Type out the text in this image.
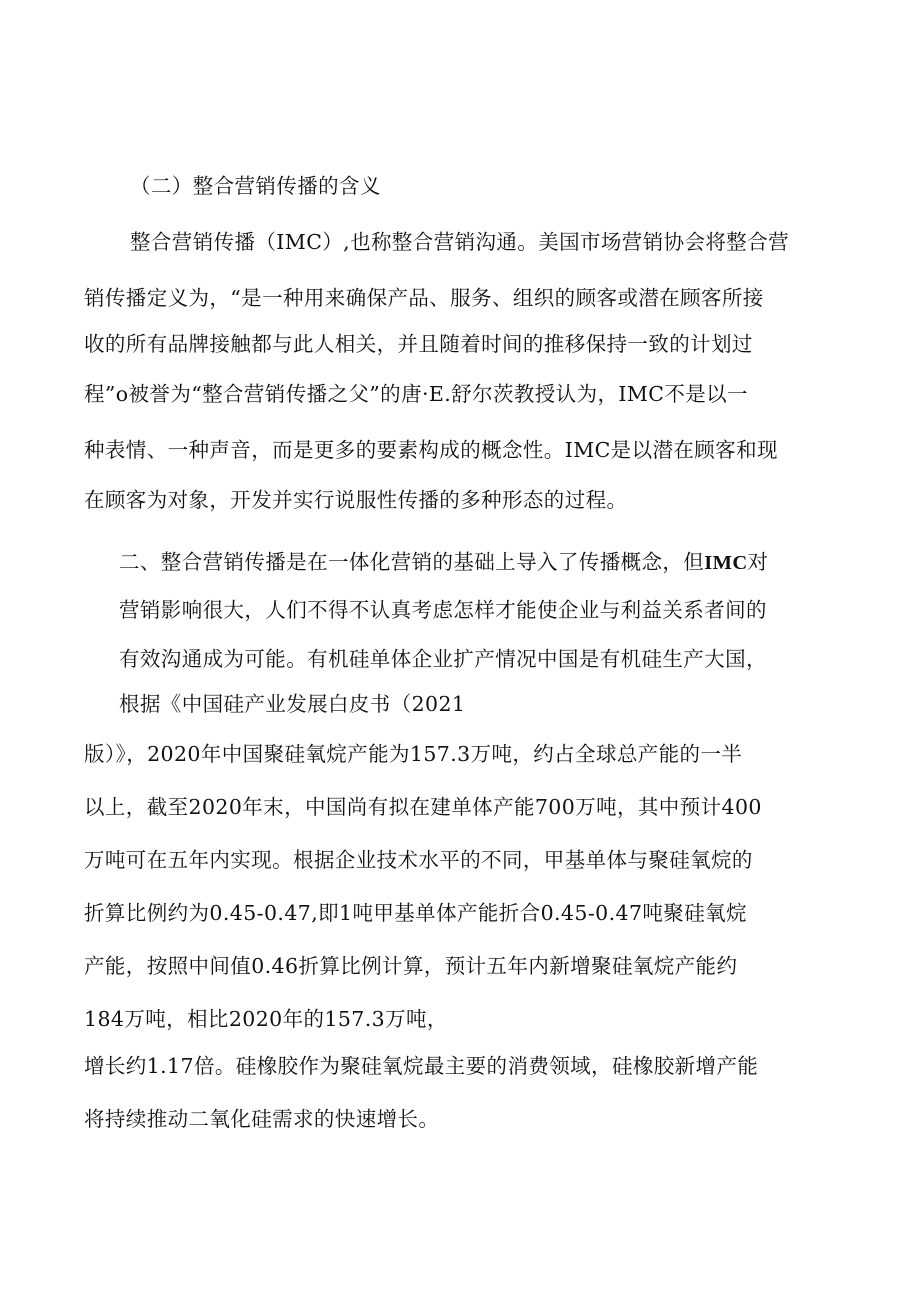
（二）整合营销传播的含义
整合营销传播（IMC）,也称整合营销沟通。美国市场营销协会将整合营
销传播定义为，“是一种用来确保产品、服务、组织的顾客或潜在顾客所接
收的所有品牌接触都与此人相关，并且随着时间的推移保持一致的计划过
程”o被誉为“整合营销传播之父”的唐·E.舒尔茨教授认为，IMC不是以一
种表情、一种声音，而是更多的要素构成的概念性。IMC是以潜在顾客和现
在顾客为对象，开发并实行说服性传播的多种形态的过程。
二、整合营销传播是在一体化营销的基础上导入了传播概念，但IMC对
营销影响很大，人们不得不认真考虑怎样才能使企业与利益关系者间的
有效沟通成为可能。有机硅单体企业扩产情况中国是有机硅生产大国，
根据《中国硅产业发展白皮书（2021
版）》，2020年中国聚硅氧烷产能为157.3万吨，约占全球总产能的一半
以上，截至2020年末，中国尚有拟在建单体产能700万吨，其中预计400
万吨可在五年内实现。根据企业技术水平的不同，甲基单体与聚硅氧烷的
折算比例约为0.45-0.47,即1吨甲基单体产能折合0.45-0.47吨聚硅氧烷
产能，按照中间值0.46折算比例计算，预计五年内新增聚硅氧烷产能约
184万吨，相比2020年的157.3万吨，
增长约1.17倍。硅橡胶作为聚硅氧烷最主要的消费领域，硅橡胶新增产能
将持续推动二氧化硅需求的快速增长。
